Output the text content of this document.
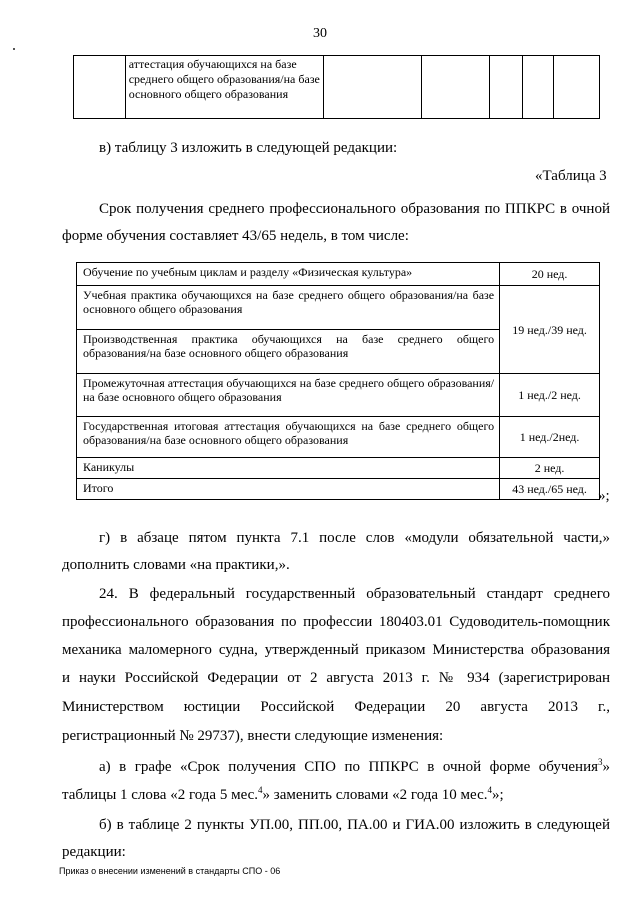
30
	аттестация обучающихся на базе среднего общего образования/на базе основного общего образования					
в) таблицу 3 изложить в следующей редакции:
«Таблица 3
Срок получения среднего профессионального образования по ППКРС в очной
форме обучения составляет 43/65 недель, в том числе:
Обучение по учебным циклам и разделу «Физическая культура»	20 нед.
Учебная практика обучающихся на базе среднего общего образования/на базе основного общего образования	19 нед./39 нед.
Производственная практика обучающихся на базе среднего общего образования/на базе основного общего образования	
Промежуточная аттестация обучающихся на базе среднего общего образования/на базе основного общего образования	1 нед./2 нед.
Государственная итоговая аттестация обучающихся на базе среднего общего образования/на базе основного общего образования	1 нед./2нед.
Каникулы	2 нед.
Итого	43 нед./65 нед. »;
г) в абзаце пятом пункта 7.1 после слов «модули обязательной части,»
дополнить словами «на практики,».
24. В федеральный государственный образовательный стандарт среднего
профессионального образования по профессии 180403.01 Судоводитель-помощник
механика маломерного судна, утвержденный приказом Министерства образования
и науки Российской Федерации от 2 августа 2013 г. № 934 (зарегистрирован
Министерством юстиции Российской Федерации 20 августа 2013 г.,
регистрационный № 29737), внести следующие изменения:
а) в графе «Срок получения СПО по ППКРС в очной форме обучения$^3$»
таблицы 1 слова «2 года 5 мес.$^4$» заменить словами «2 года 10 мес.$^4$»;
б) в таблице 2 пункты УП.00, ПП.00, ПА.00 и ГИА.00 изложить в следующей
редакции:
Приказ о внесении изменений в стандарты СПО - 06
